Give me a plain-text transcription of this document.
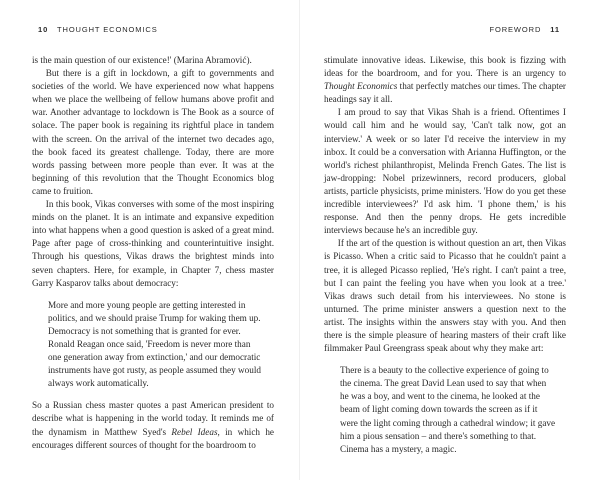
10 THOUGHT ECONOMICS

is the main question of our existence!' (Marina Abramović).

But there is a gift in lockdown, a gift to governments and societies of the world. We have experienced now what happens when we place the wellbeing of fellow humans above profit and war. Another advantage to lockdown is The Book as a source of solace. The paper book is regaining its rightful place in tandem with the screen. On the arrival of the internet two decades ago, the book faced its greatest challenge. Today, there are more words passing between more people than ever. It was at the beginning of this revolution that the Thought Economics blog came to fruition.

In this book, Vikas converses with some of the most inspiring minds on the planet. It is an intimate and expansive expedition into what happens when a good question is asked of a great mind. Page after page of cross-thinking and counterintuitive insight. Through his questions, Vikas draws the brightest minds into seven chapters. Here, for example, in Chapter 7, chess master Garry Kasparov talks about democracy:

More and more young people are getting interested in politics, and we should praise Trump for waking them up. Democracy is not something that is granted for ever. Ronald Reagan once said, 'Freedom is never more than one generation away from extinction,' and our democratic instruments have got rusty, as people assumed they would always work automatically.

So a Russian chess master quotes a past American president to describe what is happening in the world today. It reminds me of the dynamism in Matthew Syed's Rebel Ideas, in which he encourages different sources of thought for the boardroom to

FOREWORD 11

stimulate innovative ideas. Likewise, this book is fizzing with ideas for the boardroom, and for you. There is an urgency to Thought Economics that perfectly matches our times. The chapter headings say it all.

I am proud to say that Vikas Shah is a friend. Oftentimes I would call him and he would say, 'Can't talk now, got an interview.' A week or so later I'd receive the interview in my inbox. It could be a conversation with Arianna Huffington, or the world's richest philanthropist, Melinda French Gates. The list is jaw-dropping: Nobel prizewinners, record producers, global artists, particle physicists, prime ministers. 'How do you get these incredible interviewees?' I'd ask him. 'I phone them,' is his response. And then the penny drops. He gets incredible interviews because he's an incredible guy.

If the art of the question is without question an art, then Vikas is Picasso. When a critic said to Picasso that he couldn't paint a tree, it is alleged Picasso replied, 'He's right. I can't paint a tree, but I can paint the feeling you have when you look at a tree.' Vikas draws such detail from his interviewees. No stone is unturned. The prime minister answers a question next to the artist. The insights within the answers stay with you. And then there is the simple pleasure of hearing masters of their craft like filmmaker Paul Greengrass speak about why they make art:

There is a beauty to the collective experience of going to the cinema. The great David Lean used to say that when he was a boy, and went to the cinema, he looked at the beam of light coming down towards the screen as if it were the light coming through a cathedral window; it gave him a pious sensation – and there's something to that. Cinema has a mystery, a magic.
